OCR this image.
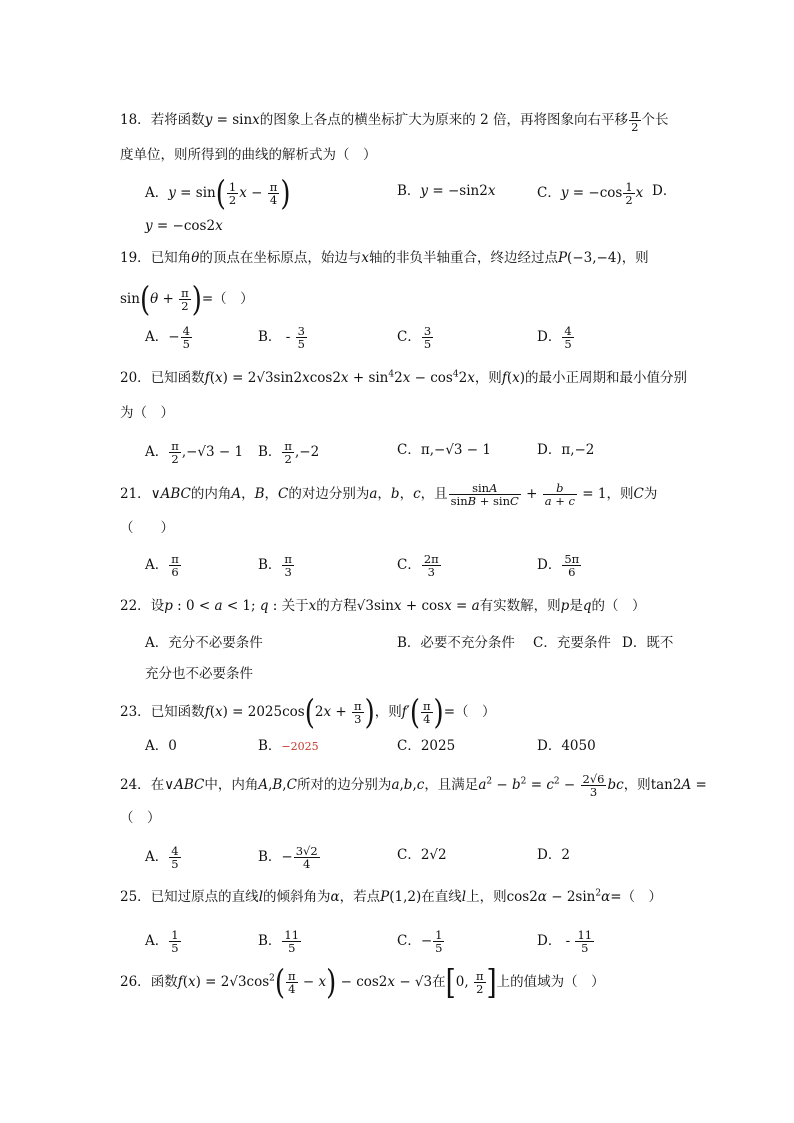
18．若将函数y = sinx的图象上各点的横坐标扩大为原来的 2 倍，再将图象向右平移 $\frac{\pi}{2}$ 个长
度单位，则所得到的曲线的解析式为（　）
A．$y = \sin( \frac{1}{2}$ $x - \frac{\pi}{4}$ )	B．y = −sin2x	C．$y = -\cos \frac{1}{2}$ x D．
y = −cos2x
19．已知角θ的顶点在坐标原点，始边与x轴的非负半轴重合，终边经过点P(−3,−4)，则
$\sin(\theta + \frac{\pi}{2}$ )=（　）
A．− $\frac{4}{5}$	B． - $\frac{3}{5}$	C． $\frac{3}{5}$	D． $\frac{4}{5}$
20．已知函数$f(x) = 2√3\sin 2xcos2x + \sin^42x - \cos^42x$，则f(x)的最小正周期和最小值分别
为（　）
A． $\frac{\pi}{2} ,-√3 - 1$ B． $\frac{\pi}{2} ,-2$	C．π,−√3 − 1	D．π,−2
21．∨ABC的内角A，B，C的对边分别为a，b，c，且 $\frac{\sin A}{\sin B + \sin C} + \frac{b}{a + c} = 1$，则C为
（　　）
A． $\frac{\pi}{6}$	B． $\frac{\pi}{3}$	C． $\frac{2\pi}{3}$	D． $\frac{5\pi}{6}$
22．设p : 0 < a < 1; q : 关于x的方程√3sinx + cosx = a有实数解，则p是q的（　）
A．充分不必要条件	B．必要不充分条件 C．充要条件 D．既不
充分也不必要条件
23．已知函数$f(x) = 2025\cos(2x + \frac{\pi}{3}$ )，则$f'( \frac{\pi}{4}$ )=（　）
A．0	B．−2025	C．2025	D．4050
24．在∨ABC中，内角A,B,C所对的边分别为a,b,c，且满足$a^2 - b^2 = c^2 - \frac{2√6}{3}$ bc，则tan2A =
（　）
A． $\frac{4}{5}$	B．− $\frac{3√2}{4}$	C．2√2	D．2
25．已知过原点的直线l的倾斜角为α，若点P(1,2)在直线l上，则$\cos 2\alpha - 2\sin^2\alpha=$（　）
A． $\frac{1}{5}$	B． $\frac{11}{5}$	C．− $\frac{1}{5}$	D． - $\frac{11}{5}$
26．函数$f(x) = 2√3\cos^2( \frac{\pi}{4} - x) - \cos 2x - √3$在[0, $\frac{\pi}{2}$ ]上的值域为（　）
